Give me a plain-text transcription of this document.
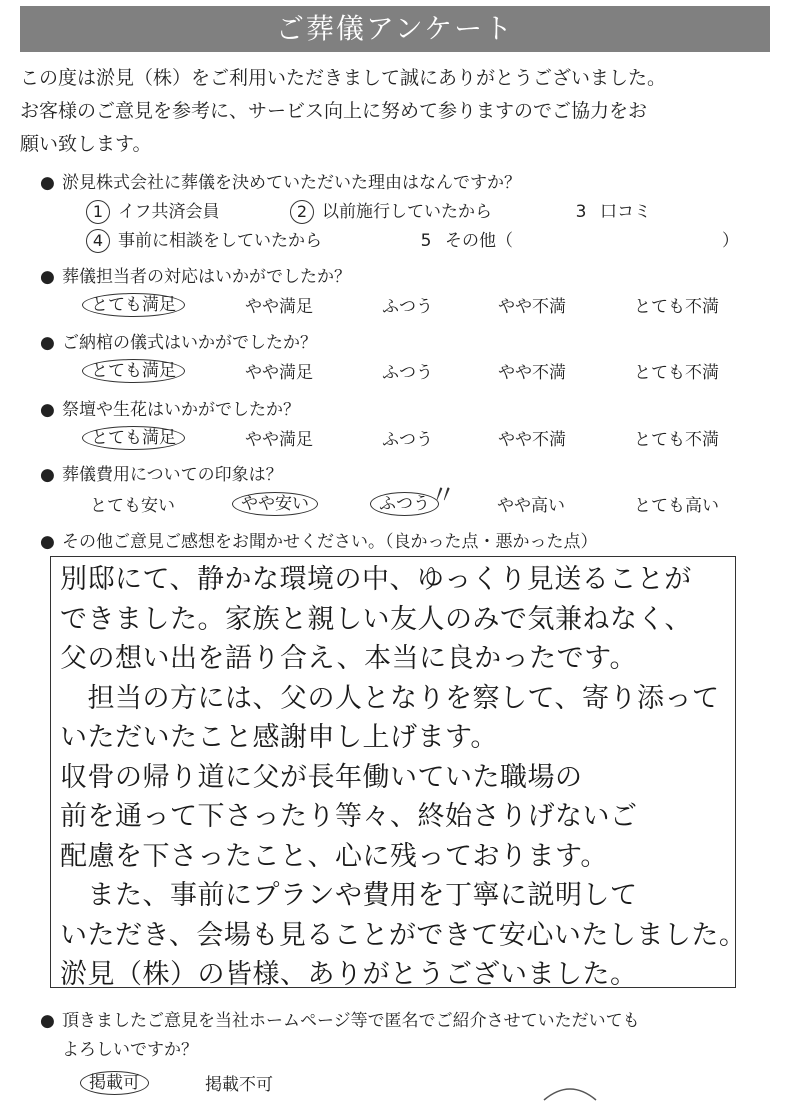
ご葬儀アンケート
この度は淤見（株）をご利用いただきまして誠にありがとうございました。
お客様のご意見を参考に、サービス向上に努めて参りますのでご協力をお
願い致します。
● 淤見株式会社に葬儀を決めていただいた理由はなんですか？
1 イフ共済会員	2 以前施行していたから	3 口コミ
4 事前に相談をしていたから	5 その他（	）
● 葬儀担当者の対応はいかがでしたか？
とても満足	やや満足	ふつう	やや不満	とても不満
● ご納棺の儀式はいかがでしたか？
とても満足	やや満足	ふつう	やや不満	とても不満
● 祭壇や生花はいかがでしたか？
とても満足	やや満足	ふつう	やや不満	とても不満
● 葬儀費用についての印象は？
とても安い	やや安い	ふつう 〃 やや高い	とても高い
● その他ご意見ご感想をお聞かせください。（良かった点・悪かった点）
別邸にて、静かな環境の中、ゆっくり見送ることが
できました。家族と親しい友人のみで気兼ねなく、
父の想い出を語り合え、本当に良かったです。
　担当の方には、父の人となりを察して、寄り添って
いただいたこと感謝申し上げます。
収骨の帰り道に父が長年働いていた職場の
前を通って下さったり等々、終始さりげないご
配慮を下さったこと、心に残っております。
　また、事前にプランや費用を丁寧に説明して
いただき、会場も見ることができて安心いたしました。
淤見（株）の皆様、ありがとうございました。
● 頂きましたご意見を当社ホームページ等で匿名でご紹介させていただいても
よろしいですか？
掲載可	掲載不可
